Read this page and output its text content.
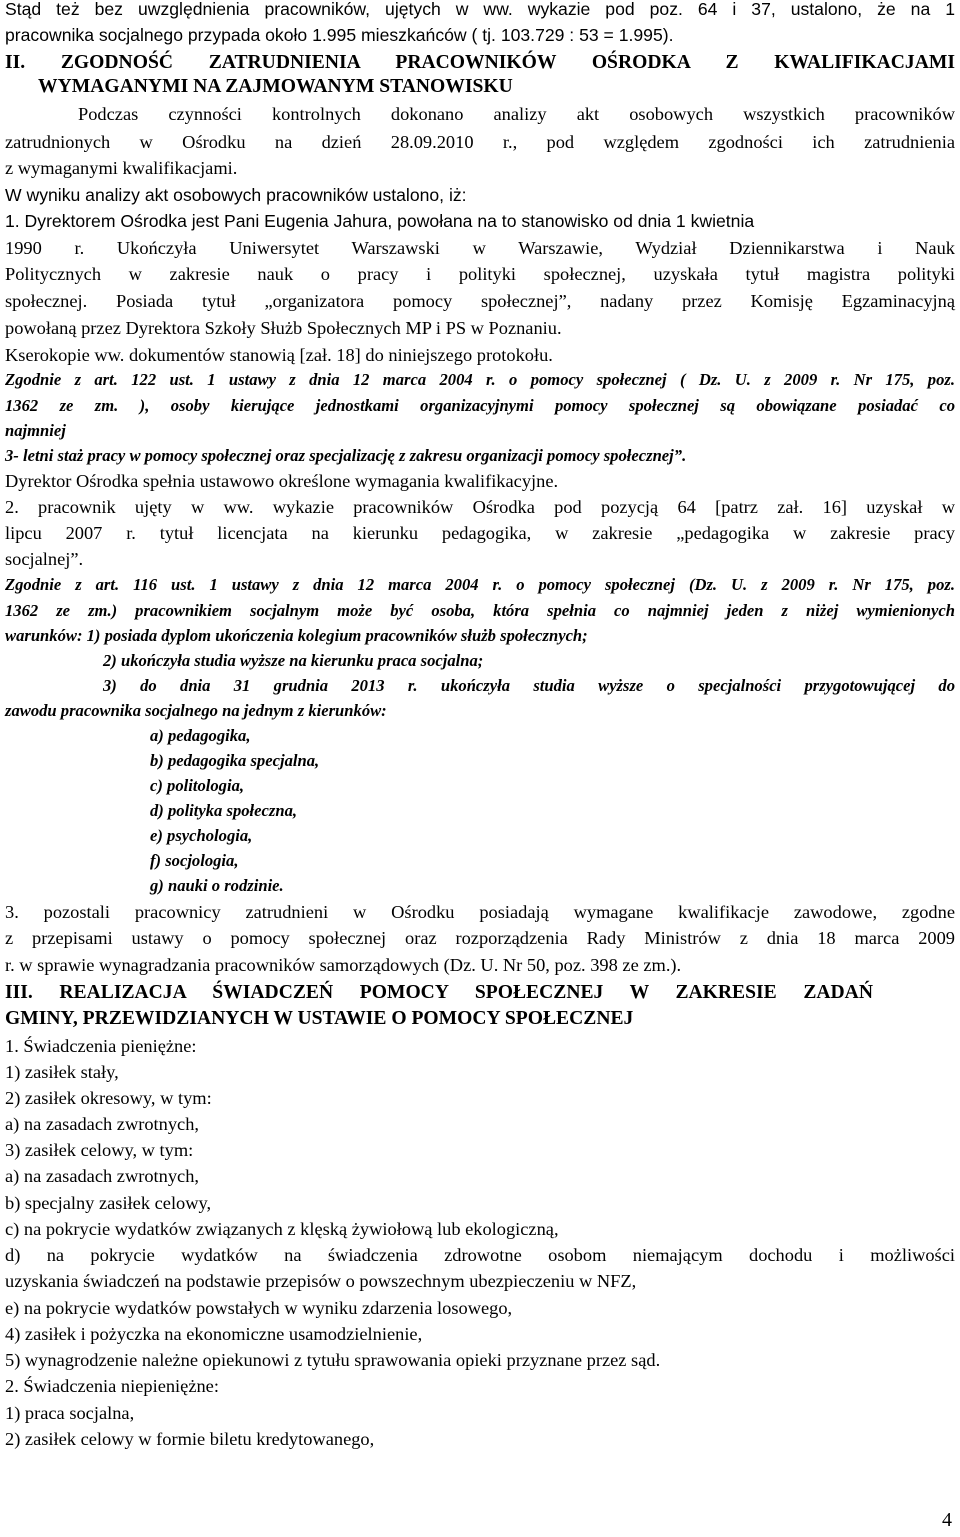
Stąd też bez uwzględnienia pracowników, ujętych w ww. wykazie pod poz. 64 i 37, ustalono, że na 1
pracownika socjalnego przypada około 1.995 mieszkańców ( tj. 103.729 : 53 = 1.995).
II. ZGODNOŚĆ ZATRUDNIENIA PRACOWNIKÓW OŚRODKA Z KWALIFIKACJAMI
WYMAGANYMI NA ZAJMOWANYM STANOWISKU
Podczas czynności kontrolnych dokonano analizy akt osobowych wszystkich pracowników
zatrudnionych w Ośrodku na dzień 28.09.2010 r., pod względem zgodności ich zatrudnienia
z wymaganymi kwalifikacjami.
W wyniku analizy akt osobowych pracowników ustalono, iż:
1. Dyrektorem Ośrodka jest Pani Eugenia Jahura, powołana na to stanowisko od dnia 1 kwietnia
1990 r. Ukończyła Uniwersytet Warszawski w Warszawie, Wydział Dziennikarstwa i Nauk
Politycznych w zakresie nauk o pracy i polityki społecznej, uzyskała tytuł magistra polityki
społecznej. Posiada tytuł „organizatora pomocy społecznej”, nadany przez Komisję Egzaminacyjną
powołaną przez Dyrektora Szkoły Służb Społecznych MP i PS w Poznaniu.
Kserokopie ww. dokumentów stanowią [zał. 18] do niniejszego protokołu.
Zgodnie z art. 122 ust. 1 ustawy z dnia 12 marca 2004 r. o pomocy społecznej ( Dz. U. z 2009 r. Nr 175, poz.
1362 ze zm. ), osoby kierujące jednostkami organizacyjnymi pomocy społecznej są obowiązane posiadać co
najmniej
3- letni staż pracy w pomocy społecznej oraz specjalizację z zakresu organizacji pomocy społecznej”.
Dyrektor Ośrodka spełnia ustawowo określone wymagania kwalifikacyjne.
2. pracownik ujęty w ww. wykazie pracowników Ośrodka pod pozycją 64 [patrz zał. 16] uzyskał w
lipcu 2007 r. tytuł licencjata na kierunku pedagogika, w zakresie „pedagogika w zakresie pracy
socjalnej”.
Zgodnie z art. 116 ust. 1 ustawy z dnia 12 marca 2004 r. o pomocy społecznej (Dz. U. z 2009 r. Nr 175, poz.
1362 ze zm.) pracownikiem socjalnym może być osoba, która spełnia co najmniej jeden z niżej wymienionych
warunków: 1) posiada dyplom ukończenia kolegium pracowników służb społecznych;
2) ukończyła studia wyższe na kierunku praca socjalna;
3) do dnia 31 grudnia 2013 r. ukończyła studia wyższe o specjalności przygotowującej do
zawodu pracownika socjalnego na jednym z kierunków:
a) pedagogika,
b) pedagogika specjalna,
c) politologia,
d) polityka społeczna,
e) psychologia,
f) socjologia,
g) nauki o rodzinie.
3. pozostali pracownicy zatrudnieni w Ośrodku posiadają wymagane kwalifikacje zawodowe, zgodne
z przepisami ustawy o pomocy społecznej oraz rozporządzenia Rady Ministrów z dnia 18 marca 2009
r. w sprawie wynagradzania pracowników samorządowych (Dz. U. Nr 50, poz. 398 ze zm.).
III. REALIZACJA ŚWIADCZEŃ POMOCY SPOŁECZNEJ W ZAKRESIE ZADAŃ
GMINY, PRZEWIDZIANYCH W USTAWIE O POMOCY SPOŁECZNEJ
1. Świadczenia pieniężne:
1) zasiłek stały,
2) zasiłek okresowy, w tym:
a) na zasadach zwrotnych,
3) zasiłek celowy, w tym:
a) na zasadach zwrotnych,
b) specjalny zasiłek celowy,
c) na pokrycie wydatków związanych z klęską żywiołową lub ekologiczną,
d) na pokrycie wydatków na świadczenia zdrowotne osobom niemającym dochodu i możliwości
uzyskania świadczeń na podstawie przepisów o powszechnym ubezpieczeniu w NFZ,
e) na pokrycie wydatków powstałych w wyniku zdarzenia losowego,
4) zasiłek i pożyczka na ekonomiczne usamodzielnienie,
5) wynagrodzenie należne opiekunowi z tytułu sprawowania opieki przyznane przez sąd.
2. Świadczenia niepieniężne:
1) praca socjalna,
2) zasiłek celowy w formie biletu kredytowanego,
4
